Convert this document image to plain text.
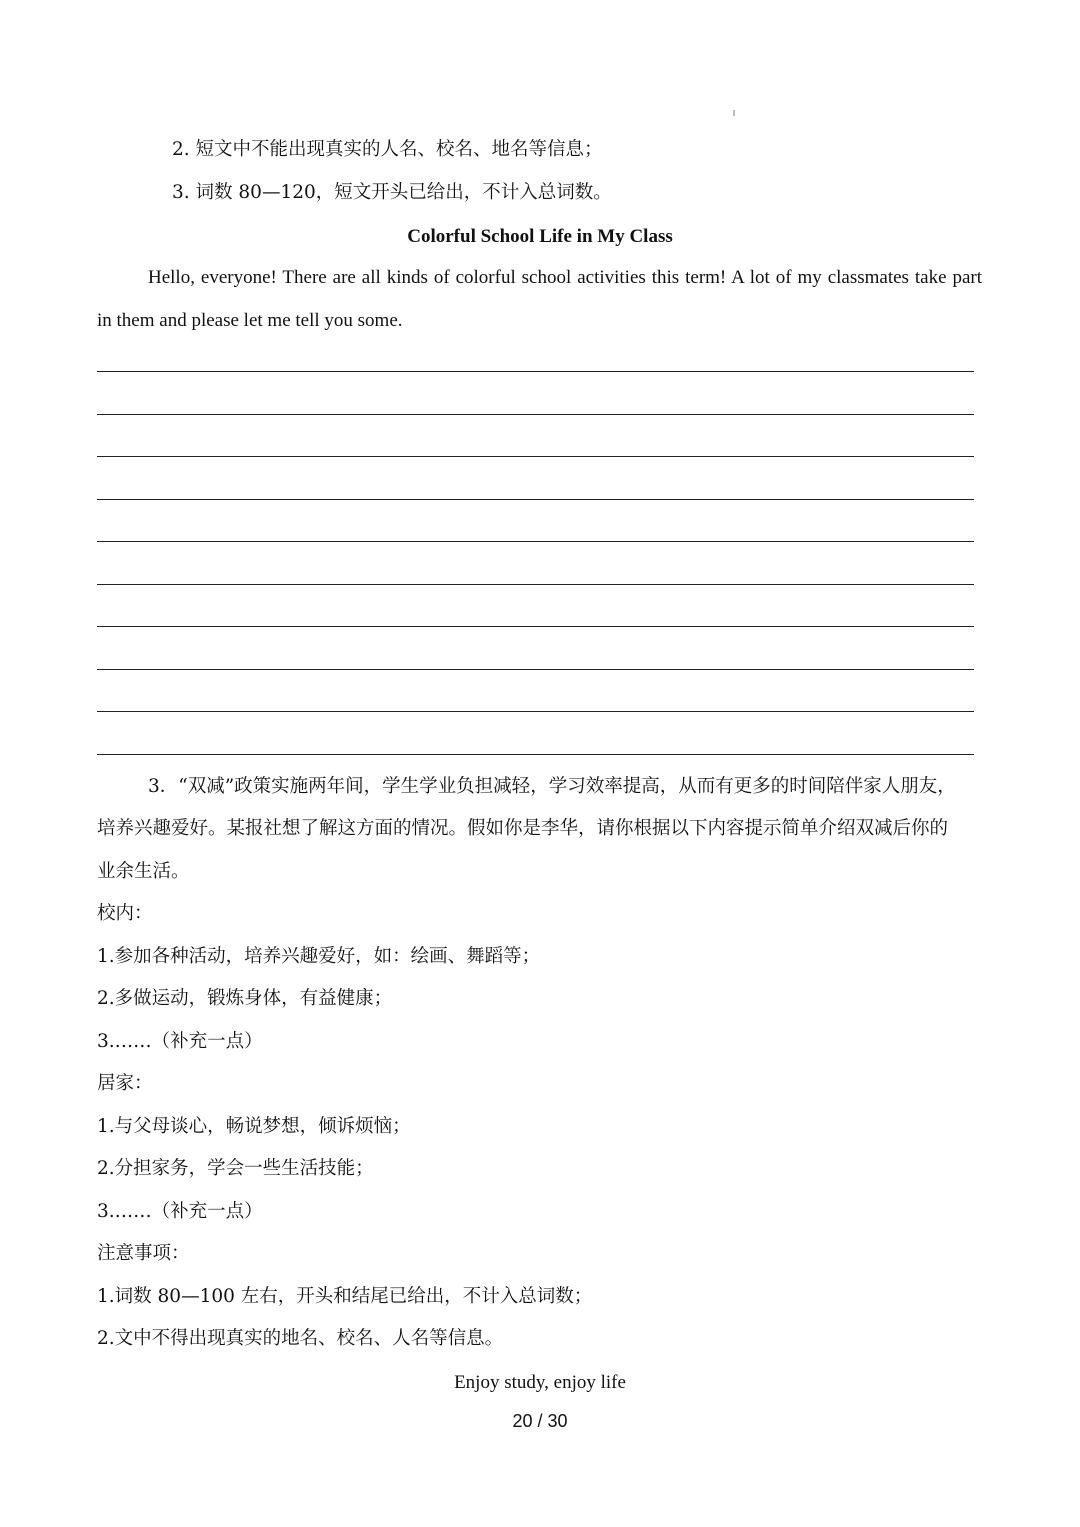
2. 短文中不能出现真实的人名、校名、地名等信息；
3. 词数 80—120，短文开头已给出，不计入总词数。
Colorful School Life in My Class
Hello, everyone! There are all kinds of colorful school activities this term! A lot of my classmates take part
in them and please let me tell you some.
3．“双减”政策实施两年间，学生学业负担减轻，学习效率提高，从而有更多的时间陪伴家人朋友，
培养兴趣爱好。某报社想了解这方面的情况。假如你是李华，请你根据以下内容提示简单介绍双减后你的
业余生活。
校内：
1.参加各种活动，培养兴趣爱好，如：绘画、舞蹈等；
2.多做运动，锻炼身体，有益健康；
3.……（补充一点）
居家：
1.与父母谈心，畅说梦想，倾诉烦恼；
2.分担家务，学会一些生活技能；
3.……（补充一点）
注意事项：
1.词数 80—100 左右，开头和结尾已给出，不计入总词数；
2.文中不得出现真实的地名、校名、人名等信息。
Enjoy study, enjoy life
20 / 30
